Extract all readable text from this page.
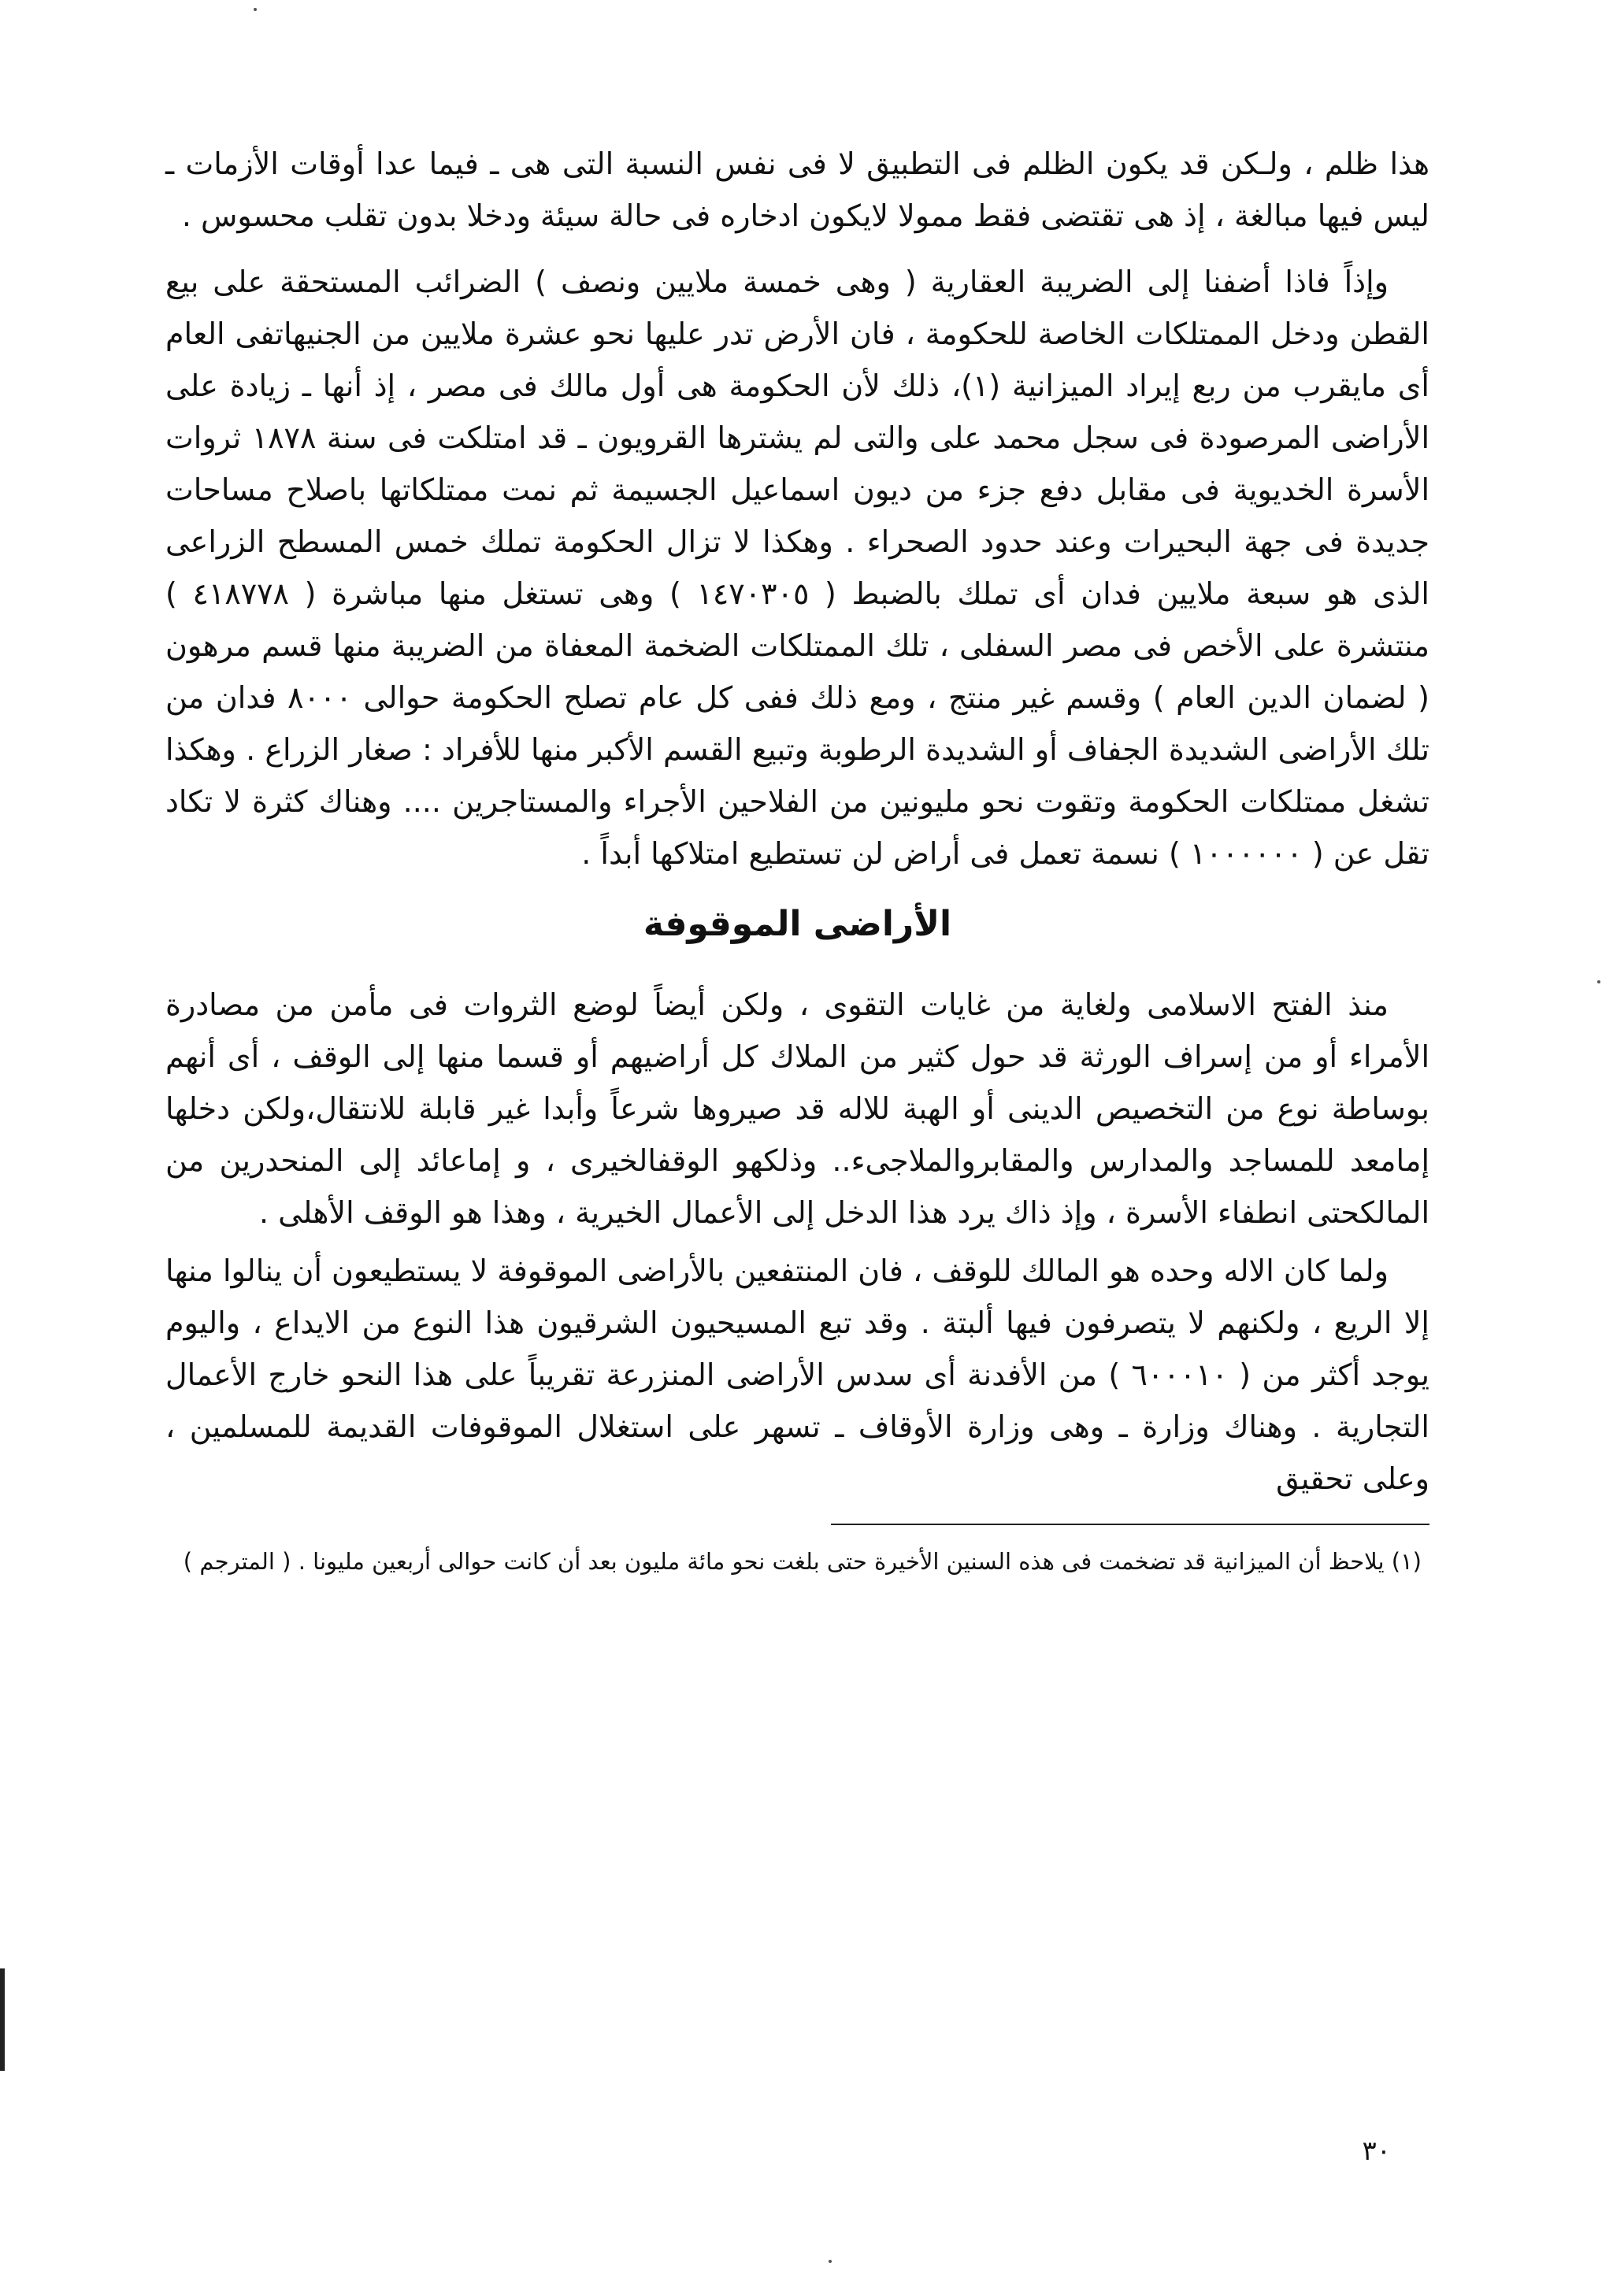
هذا ظلم ، ولـكن قد يكون الظلم فى التطبيق لا فى نفس النسبة التى هى ـ فيما عدا أوقات الأزمات ـ ليس فيها مبالغة ، إذ هى تقتضى فقط ممولا لايكون ادخاره فى حالة سيئة ودخلا بدون تقلب محسوس .

وإذاً فاذا أضفنا إلى الضريبة العقارية ( وهى خمسة ملايين ونصف ) الضرائب المستحقة على بيع القطن ودخل الممتلكات الخاصة للحكومة ، فان الأرض تدر عليها نحو عشرة ملايين من الجنيهاتفى العام أى مايقرب من ربع إيراد الميزانية (١)، ذلك لأن الحكومة هى أول مالك فى مصر ، إذ أنها ـ زيادة على الأراضى المرصودة فى سجل محمد على والتى لم يشترها القرويون ـ قد امتلكت فى سنة ١٨٧٨ ثروات الأسرة الخديوية فى مقابل دفع جزء من ديون اسماعيل الجسيمة ثم نمت ممتلكاتها باصلاح مساحات جديدة فى جهة البحيرات وعند حدود الصحراء . وهكذا لا تزال الحكومة تملك خمس المسطح الزراعى الذى هو سبعة ملايين فدان أى تملك بالضبط ( ١٤٧٠٣٠٥ ) وهى تستغل منها مباشرة ( ٤١٨٧٧٨ ) منتشرة على الأخص فى مصر السفلى ، تلك الممتلكات الضخمة المعفاة من الضريبة منها قسم مرهون ( لضمان الدين العام ) وقسم غير منتج ، ومع ذلك ففى كل عام تصلح الحكومة حوالى ٨٠٠٠ فدان من تلك الأراضى الشديدة الجفاف أو الشديدة الرطوبة وتبيع القسم الأكبر منها للأفراد : صغار الزراع . وهكذا تشغل ممتلكات الحكومة وتقوت نحو مليونين من الفلاحين الأجراء والمستاجرين .... وهناك كثرة لا تكاد تقل عن ( ١٠٠٠٠٠٠ ) نسمة تعمل فى أراض لن تستطيع امتلاكها أبداً .

الأراضى الموقوفة

منذ الفتح الاسلامى ولغاية من غايات التقوى ، ولكن أيضاً لوضع الثروات فى مأمن من مصادرة الأمراء أو من إسراف الورثة قد حول كثير من الملاك كل أراضيهم أو قسما منها إلى الوقف ، أى أنهم بوساطة نوع من التخصيص الدينى أو الهبة للاله قد صيروها شرعاً وأبدا غير قابلة للانتقال،ولكن دخلها إمامعد للمساجد والمدارس والمقابروالملاجىء.. وذلكهو الوقفالخيرى ، و إماعائد إلى المنحدرين من المالكحتى انطفاء الأسرة ، وإذ ذاك يرد هذا الدخل إلى الأعمال الخيرية ، وهذا هو الوقف الأهلى .

ولما كان الاله وحده هو المالك للوقف ، فان المنتفعين بالأراضى الموقوفة لا يستطيعون أن ينالوا منها إلا الريع ، ولكنهم لا يتصرفون فيها ألبتة . وقد تبع المسيحيون الشرقيون هذا النوع من الايداع ، واليوم يوجد أكثر من ( ٦٠٠٠١٠ ) من الأفدنة أى سدس الأراضى المنزرعة تقريباً على هذا النحو خارج الأعمال التجارية . وهناك وزارة ـ وهى وزارة الأوقاف ـ تسهر على استغلال الموقوفات القديمة للمسلمين ، وعلى تحقيق

(١) يلاحظ أن الميزانية قد تضخمت فى هذه السنين الأخيرة حتى بلغت نحو مائة مليون بعد أن كانت حوالى أربعين مليونا . ( المترجم )

٣٠
